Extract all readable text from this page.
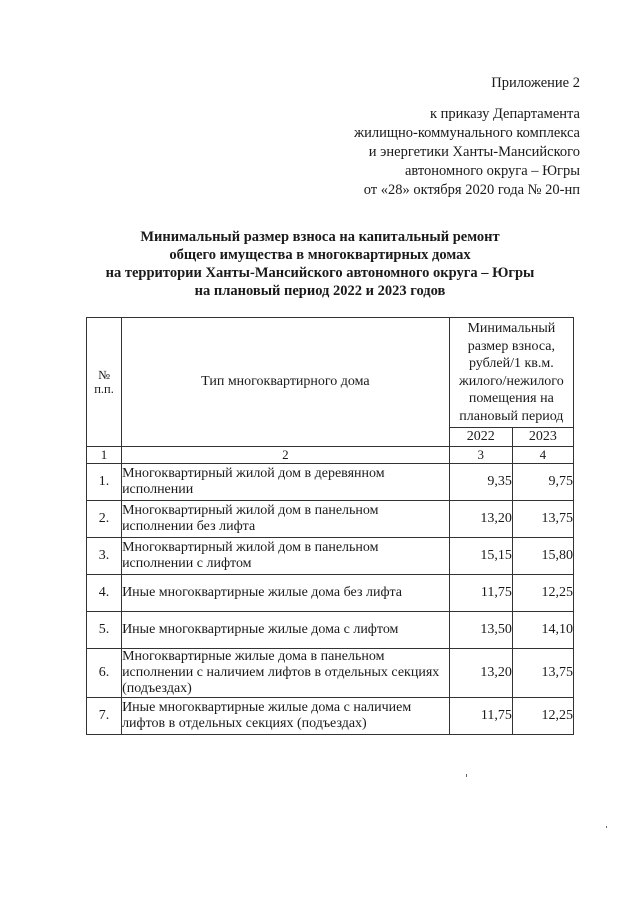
Приложение 2
к приказу Департамента
жилищно-коммунального комплекса
и энергетики Ханты-Мансийского
автономного округа – Югры
от «28» октября 2020 года № 20-нп
Минимальный размер взноса на капитальный ремонт
общего имущества в многоквартирных домах
на территории Ханты-Мансийского автономного округа – Югры
на плановый период 2022 и 2023 годов
№ п.п.	Тип многоквартирного дома	Минимальный размер взноса, рублей/1 кв.м. жилого/нежилого помещения на плановый период	
		2022	2023
1	2	3	4
1.	Многоквартирный жилой дом в деревянном исполнении	9,35	9,75
2.	Многоквартирный жилой дом в панельном исполнении без лифта	13,20	13,75
3.	Многоквартирный жилой дом в панельном исполнении с лифтом	15,15	15,80
4.	Иные многоквартирные жилые дома без лифта	11,75	12,25
5.	Иные многоквартирные жилые дома с лифтом	13,50	14,10
6.	Многоквартирные жилые дома в панельном исполнении с наличием лифтов в отдельных секциях (подъездах)	13,20	13,75
7.	Иные многоквартирные жилые дома с наличием лифтов в отдельных секциях (подъездах)	11,75	12,25
